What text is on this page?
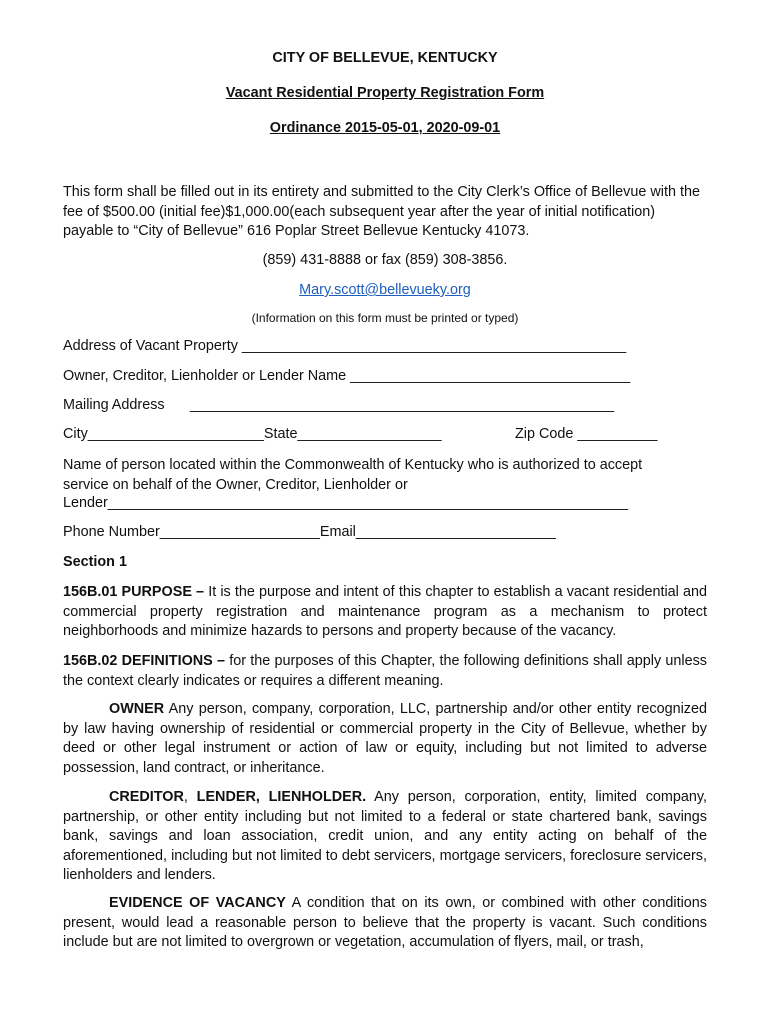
CITY OF BELLEVUE, KENTUCKY
Vacant Residential Property Registration Form
Ordinance 2015-05-01, 2020-09-01
This form shall be filled out in its entirety and submitted to the City Clerk’s Office of Bellevue with the fee of $500.00 (initial fee)$1,000.00(each subsequent year after the year of initial notification) payable to “City of Bellevue” 616 Poplar Street Bellevue Kentucky 41073.
(859) 431-8888 or fax (859) 308-3856.
Mary.scott@bellevueky.org
(Information on this form must be printed or typed)
Address of Vacant Property ________________________________________________
Owner, Creditor, Lienholder or Lender Name ___________________________________
Mailing Address _____________________________________________________
City______________________State__________________	Zip Code __________
Name of person located within the Commonwealth of Kentucky who is authorized to accept service on behalf of the Owner, Creditor, Lienholder or
Lender_________________________________________________________________
Phone Number____________________Email_________________________
Section 1
156B.01 PURPOSE – It is the purpose and intent of this chapter to establish a vacant residential and commercial property registration and maintenance program as a mechanism to protect neighborhoods and minimize hazards to persons and property because of the vacancy.
156B.02 DEFINITIONS – for the purposes of this Chapter, the following definitions shall apply unless the context clearly indicates or requires a different meaning.
OWNER Any person, company, corporation, LLC, partnership and/or other entity recognized by law having ownership of residential or commercial property in the City of Bellevue, whether by deed or other legal instrument or action of law or equity, including but not limited to adverse possession, land contract, or inheritance.
CREDITOR, LENDER, LIENHOLDER. Any person, corporation, entity, limited company, partnership, or other entity including but not limited to a federal or state chartered bank, savings bank, savings and loan association, credit union, and any entity acting on behalf of the aforementioned, including but not limited to debt servicers, mortgage servicers, foreclosure servicers, lienholders and lenders.
EVIDENCE OF VACANCY A condition that on its own, or combined with other conditions present, would lead a reasonable person to believe that the property is vacant. Such conditions include but are not limited to overgrown or vegetation, accumulation of flyers, mail, or trash,
